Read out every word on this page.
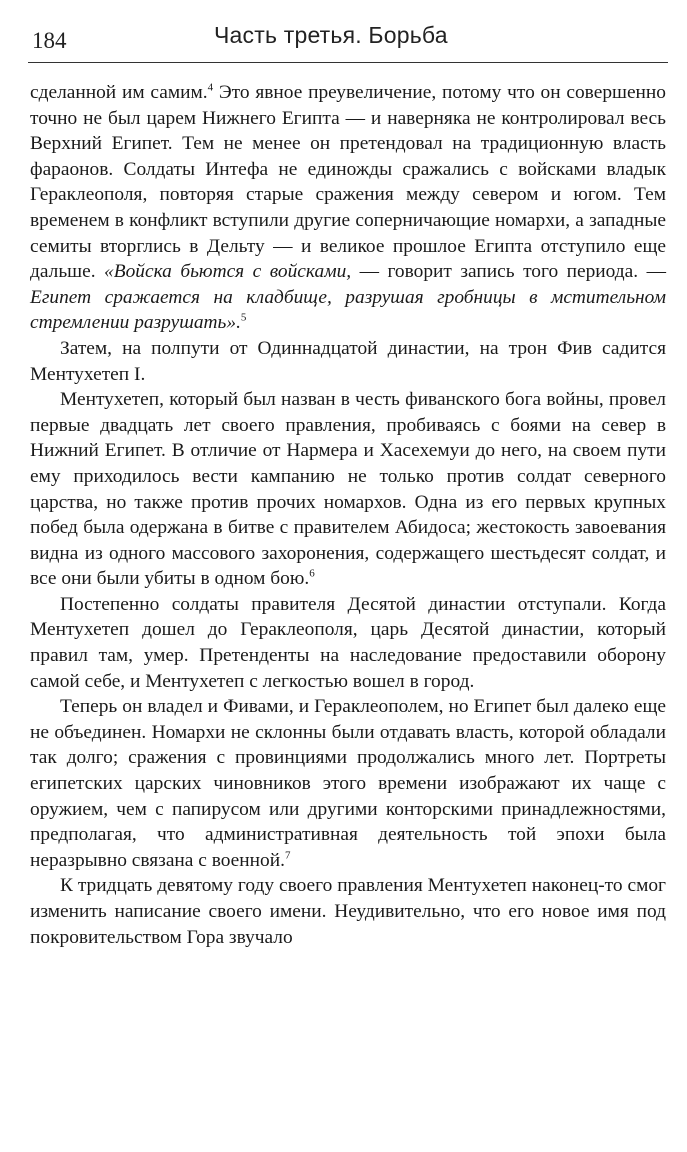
184	Часть третья. Борьба

сделанной им самим.$^4$ Это явное преувеличение, потому что он совершенно точно не был царем Нижнего Египта — и наверняка не контролировал весь Верхний Египет. Тем не менее он претендовал на традиционную власть фараонов. Солдаты Интефа не единожды сражались с войсками владык Гераклеополя, повторяя старые сражения между севером и югом. Тем временем в конфликт вступили другие соперничающие номархи, а западные семиты вторглись в Дельту — и великое прошлое Египта отступило еще дальше. «Войска бьются с войсками, — говорит запись того периода. — Египет сражается на кладбище, разрушая гробницы в мстительном стремлении разрушать».$^5$

Затем, на полпути от Одиннадцатой династии, на трон Фив садится Ментухетеп I.

Ментухетеп, который был назван в честь фиванского бога войны, провел первые двадцать лет своего правления, пробиваясь с боями на север в Нижний Египет. В отличие от Нармера и Хасехемуи до него, на своем пути ему приходилось вести кампанию не только против солдат северного царства, но также против прочих номархов. Одна из его первых крупных побед была одержана в битве с правителем Абидоса; жестокость завоевания видна из одного массового захоронения, содержащего шестьдесят солдат, и все они были убиты в одном бою.$^6$

Постепенно солдаты правителя Десятой династии отступали. Когда Ментухетеп дошел до Гераклеополя, царь Десятой династии, который правил там, умер. Претенденты на наследование предоставили оборону самой себе, и Ментухетеп с легкостью вошел в город.

Теперь он владел и Фивами, и Гераклеополем, но Египет был далеко еще не объединен. Номархи не склонны были отдавать власть, которой обладали так долго; сражения с провинциями продолжались много лет. Портреты египетских царских чиновников этого времени изображают их чаще с оружием, чем с папирусом или другими конторскими принадлежностями, предполагая, что административная деятельность той эпохи была неразрывно связана с военной.$^7$

К тридцать девятому году своего правления Ментухетеп наконец-то смог изменить написание своего имени. Неудивительно, что его новое имя под покровительством Гора звучало
